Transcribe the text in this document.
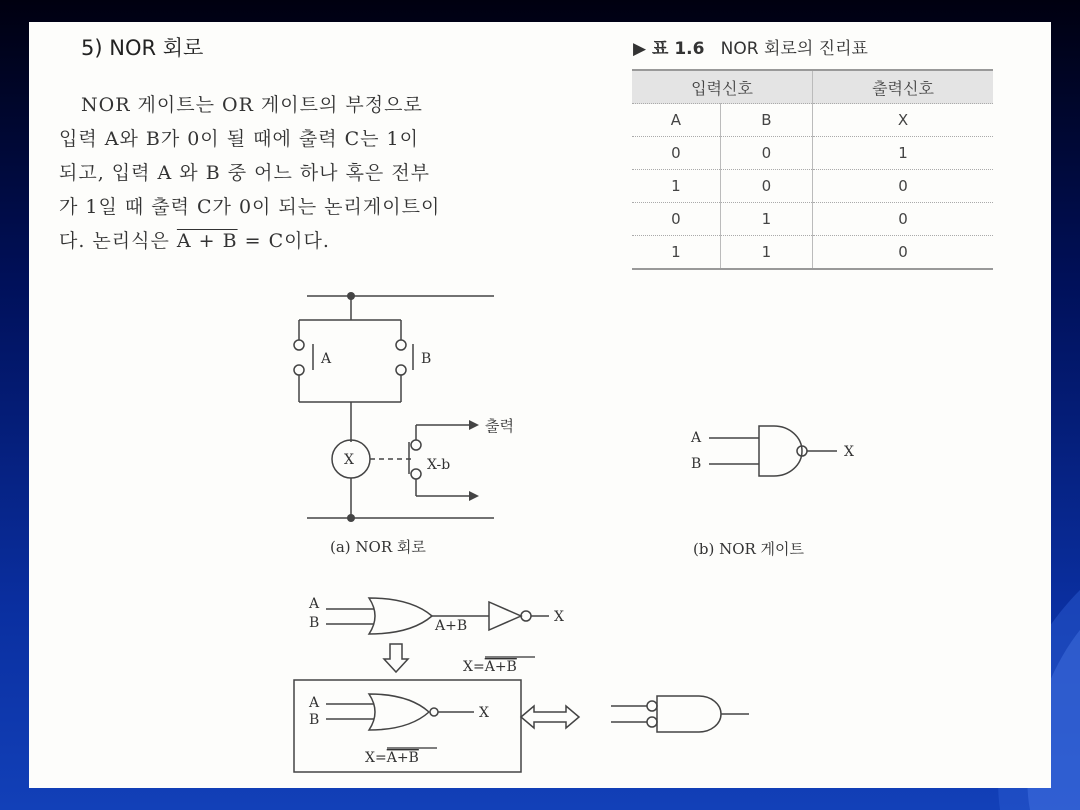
5) NOR 회로
NOR 게이트는 OR 게이트의 부정으로
입력 A와 B가 0이 될 때에 출력 C는 1이
되고, 입력 A 와 B 중 어느 하나 혹은 전부
가 1일 때 출력 C가 0이 되는 논리게이트이
다. 논리식은 A + B = C이다.
▶ 표 1.6 NOR 회로의 진리표
입력신호		출력신호
A	B	X
0	0	1
1	0	0
0	1	0
1	1	0
A	B
X	X-b
출력
(a) NOR 회로
A
B
X
(b) NOR 게이트
A
B	A+B
X
X=A+B
A
B	X
X=A+B
